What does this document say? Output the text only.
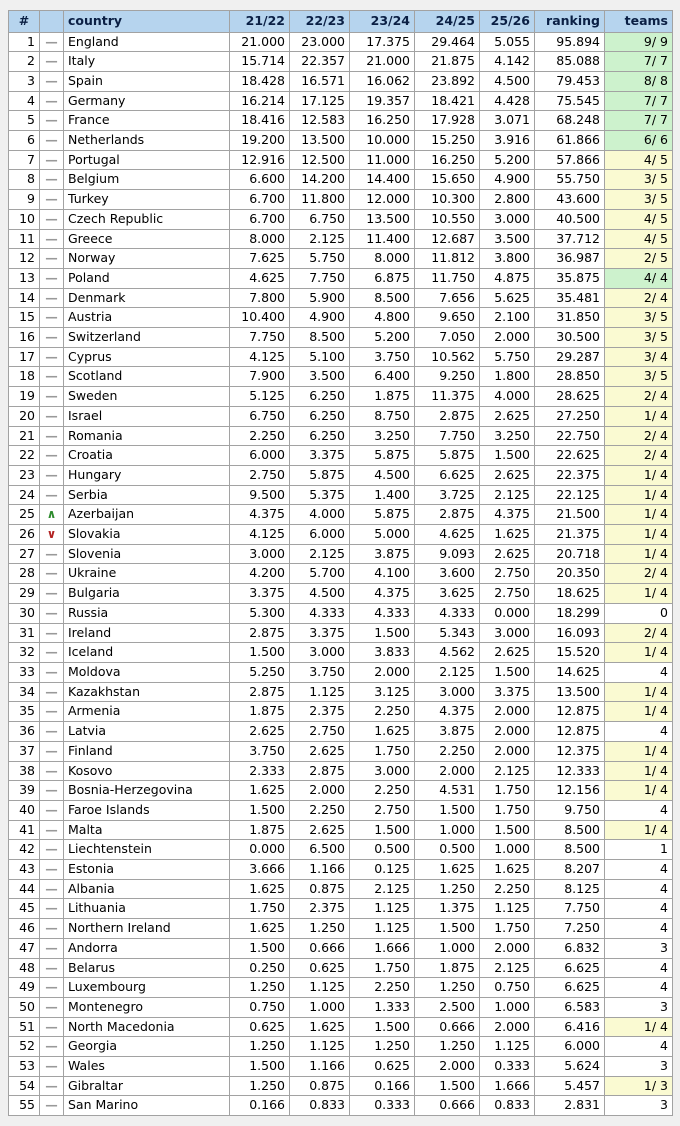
#		country	21/22	22/23	23/24	24/25	25/26	ranking	teams
1	—	England	21.000	23.000	17.375	29.464	5.055	95.894	9/ 9
2	—	Italy	15.714	22.357	21.000	21.875	4.142	85.088	7/ 7
3	—	Spain	18.428	16.571	16.062	23.892	4.500	79.453	8/ 8
4	—	Germany	16.214	17.125	19.357	18.421	4.428	75.545	7/ 7
5	—	France	18.416	12.583	16.250	17.928	3.071	68.248	7/ 7
6	—	Netherlands	19.200	13.500	10.000	15.250	3.916	61.866	6/ 6
7	—	Portugal	12.916	12.500	11.000	16.250	5.200	57.866	4/ 5
8	—	Belgium	6.600	14.200	14.400	15.650	4.900	55.750	3/ 5
9	—	Turkey	6.700	11.800	12.000	10.300	2.800	43.600	3/ 5
10	—	Czech Republic	6.700	6.750	13.500	10.550	3.000	40.500	4/ 5
11	—	Greece	8.000	2.125	11.400	12.687	3.500	37.712	4/ 5
12	—	Norway	7.625	5.750	8.000	11.812	3.800	36.987	2/ 5
13	—	Poland	4.625	7.750	6.875	11.750	4.875	35.875	4/ 4
14	—	Denmark	7.800	5.900	8.500	7.656	5.625	35.481	2/ 4
15	—	Austria	10.400	4.900	4.800	9.650	2.100	31.850	3/ 5
16	—	Switzerland	7.750	8.500	5.200	7.050	2.000	30.500	3/ 5
17	—	Cyprus	4.125	5.100	3.750	10.562	5.750	29.287	3/ 4
18	—	Scotland	7.900	3.500	6.400	9.250	1.800	28.850	3/ 5
19	—	Sweden	5.125	6.250	1.875	11.375	4.000	28.625	2/ 4
20	—	Israel	6.750	6.250	8.750	2.875	2.625	27.250	1/ 4
21	—	Romania	2.250	6.250	3.250	7.750	3.250	22.750	2/ 4
22	—	Croatia	6.000	3.375	5.875	5.875	1.500	22.625	2/ 4
23	—	Hungary	2.750	5.875	4.500	6.625	2.625	22.375	1/ 4
24	—	Serbia	9.500	5.375	1.400	3.725	2.125	22.125	1/ 4
25	∧	Azerbaijan	4.375	4.000	5.875	2.875	4.375	21.500	1/ 4
26	∨	Slovakia	4.125	6.000	5.000	4.625	1.625	21.375	1/ 4
27	—	Slovenia	3.000	2.125	3.875	9.093	2.625	20.718	1/ 4
28	—	Ukraine	4.200	5.700	4.100	3.600	2.750	20.350	2/ 4
29	—	Bulgaria	3.375	4.500	4.375	3.625	2.750	18.625	1/ 4
30	—	Russia	5.300	4.333	4.333	4.333	0.000	18.299	0
31	—	Ireland	2.875	3.375	1.500	5.343	3.000	16.093	2/ 4
32	—	Iceland	1.500	3.000	3.833	4.562	2.625	15.520	1/ 4
33	—	Moldova	5.250	3.750	2.000	2.125	1.500	14.625	4
34	—	Kazakhstan	2.875	1.125	3.125	3.000	3.375	13.500	1/ 4
35	—	Armenia	1.875	2.375	2.250	4.375	2.000	12.875	1/ 4
36	—	Latvia	2.625	2.750	1.625	3.875	2.000	12.875	4
37	—	Finland	3.750	2.625	1.750	2.250	2.000	12.375	1/ 4
38	—	Kosovo	2.333	2.875	3.000	2.000	2.125	12.333	1/ 4
39	—	Bosnia-Herzegovina	1.625	2.000	2.250	4.531	1.750	12.156	1/ 4
40	—	Faroe Islands	1.500	2.250	2.750	1.500	1.750	9.750	4
41	—	Malta	1.875	2.625	1.500	1.000	1.500	8.500	1/ 4
42	—	Liechtenstein	0.000	6.500	0.500	0.500	1.000	8.500	1
43	—	Estonia	3.666	1.166	0.125	1.625	1.625	8.207	4
44	—	Albania	1.625	0.875	2.125	1.250	2.250	8.125	4
45	—	Lithuania	1.750	2.375	1.125	1.375	1.125	7.750	4
46	—	Northern Ireland	1.625	1.250	1.125	1.500	1.750	7.250	4
47	—	Andorra	1.500	0.666	1.666	1.000	2.000	6.832	3
48	—	Belarus	0.250	0.625	1.750	1.875	2.125	6.625	4
49	—	Luxembourg	1.250	1.125	2.250	1.250	0.750	6.625	4
50	—	Montenegro	0.750	1.000	1.333	2.500	1.000	6.583	3
51	—	North Macedonia	0.625	1.625	1.500	0.666	2.000	6.416	1/ 4
52	—	Georgia	1.250	1.125	1.250	1.250	1.125	6.000	4
53	—	Wales	1.500	1.166	0.625	2.000	0.333	5.624	3
54	—	Gibraltar	1.250	0.875	0.166	1.500	1.666	5.457	1/ 3
55	—	San Marino	0.166	0.833	0.333	0.666	0.833	2.831	3
